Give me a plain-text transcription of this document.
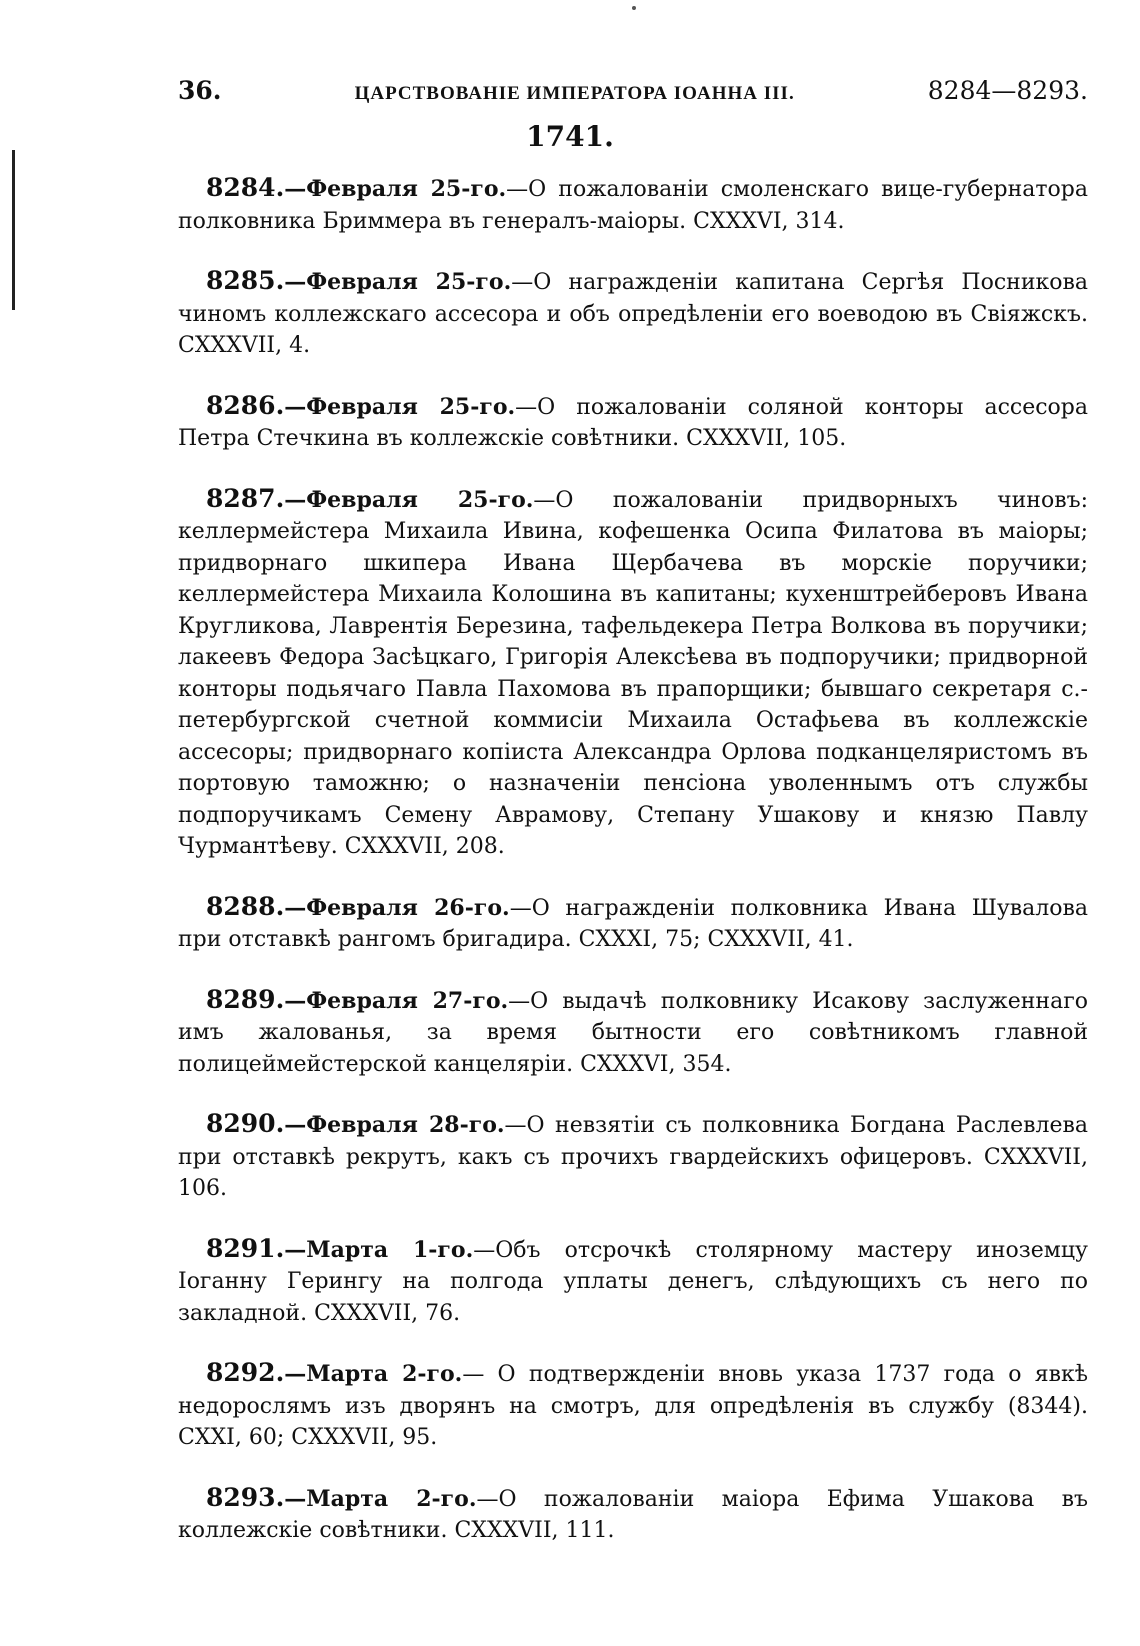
36.	ЦАРСТВОВАНІЕ ИМПЕРАТОРА ІОАННА III.	8284—8293.
1741.

8284.—Февраля 25-го.—О пожалованіи смоленскаго вице-губернатора полковника Бриммера въ генералъ-маіоры. CXXXVI, 314.

8285.—Февраля 25-го.—О награжденіи капитана Сергѣя Посникова чиномъ коллежскаго ассесора и объ опредѣленіи его воеводою въ Свіяжскъ. CXXXVII, 4.

8286.—Февраля 25-го.—О пожалованіи соляной конторы ассесора Петра Стечкина въ коллежскіе совѣтники. CXXXVII, 105.

8287.—Февраля 25-го.—О пожалованіи придворныхъ чиновъ: келлермейстера Михаила Ивина, кофешенка Осипа Филатова въ маіоры; придворнаго шкипера Ивана Щербачева въ морскіе поручики; келлермейстера Михаила Колошина въ капитаны; кухенштрейберовъ Ивана Кругликова, Лаврентія Березина, тафельдекера Петра Волкова въ поручики; лакеевъ Федора Засѣцкаго, Григорія Алексѣева въ подпоручики; придворной конторы подьячаго Павла Пахомова въ прапорщики; бывшаго секретаря с.-петербургской счетной коммисіи Михаила Остафьева въ коллежскіе ассесоры; придворнаго копіиста Александра Орлова подканцеляристомъ въ портовую таможню; о назначеніи пенсіона уволеннымъ отъ службы подпоручикамъ Семену Аврамову, Степану Ушакову и князю Павлу Чурмантѣеву. CXXXVII, 208.

8288.—Февраля 26-го.—О награжденіи полковника Ивана Шувалова при отставкѣ рангомъ бригадира. CXXXI, 75; CXXXVII, 41.

8289.—Февраля 27-го.—О выдачѣ полковнику Исакову заслуженнаго имъ жалованья, за время бытности его совѣтникомъ главной полицеймейстерской канцеляріи. CXXXVI, 354.

8290.—Февраля 28-го.—О невзятіи съ полковника Богдана Раслевлева при отставкѣ рекрутъ, какъ съ прочихъ гвардейскихъ офицеровъ. CXXXVII, 106.

8291.—Марта 1-го.—Объ отсрочкѣ столярному мастеру иноземцу Іоганну Герингу на полгода уплаты денегъ, слѣдующихъ съ него по закладной. CXXXVII, 76.

8292.—Марта 2-го.— О подтвержденіи вновь указа 1737 года о явкѣ недорослямъ изъ дворянъ на смотръ, для опредѣленія въ службу (8344). CXXI, 60; CXXXVII, 95.

8293.—Марта 2-го.—О пожалованіи маіора Ефима Ушакова въ коллежскіе совѣтники. CXXXVII, 111.
